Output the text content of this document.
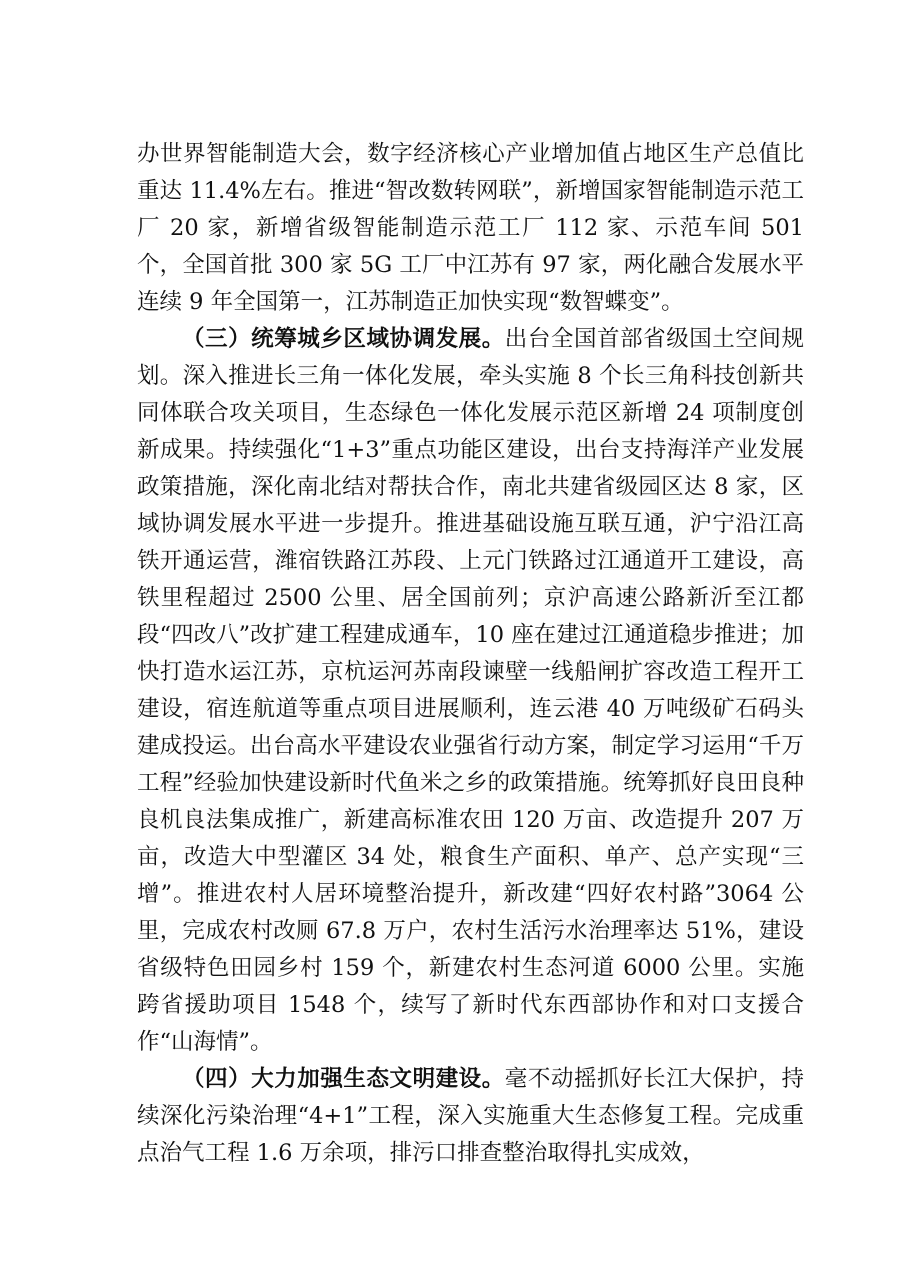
办世界智能制造大会，数字经济核心产业增加值占地区生产总值比重达 11.4%左右。推进“智改数转网联”，新增国家智能制造示范工厂 20 家，新增省级智能制造示范工厂 112 家、示范车间 501 个，全国首批 300 家 5G 工厂中江苏有 97 家，两化融合发展水平连续 9 年全国第一，江苏制造正加快实现“数智蝶变”。

（三）统筹城乡区域协调发展。出台全国首部省级国土空间规划。深入推进长三角一体化发展，牵头实施 8 个长三角科技创新共同体联合攻关项目，生态绿色一体化发展示范区新增 24 项制度创新成果。持续强化“1+3”重点功能区建设，出台支持海洋产业发展政策措施，深化南北结对帮扶合作，南北共建省级园区达 8 家，区域协调发展水平进一步提升。推进基础设施互联互通，沪宁沿江高铁开通运营，潍宿铁路江苏段、上元门铁路过江通道开工建设，高铁里程超过 2500 公里、居全国前列；京沪高速公路新沂至江都段“四改八”改扩建工程建成通车，10 座在建过江通道稳步推进；加快打造水运江苏，京杭运河苏南段谏壁一线船闸扩容改造工程开工建设，宿连航道等重点项目进展顺利，连云港 40 万吨级矿石码头建成投运。出台高水平建设农业强省行动方案，制定学习运用“千万工程”经验加快建设新时代鱼米之乡的政策措施。统筹抓好良田良种良机良法集成推广，新建高标准农田 120 万亩、改造提升 207 万亩，改造大中型灌区 34 处，粮食生产面积、单产、总产实现“三增”。推进农村人居环境整治提升，新改建“四好农村路”3064 公里，完成农村改厕 67.8 万户，农村生活污水治理率达 51%，建设省级特色田园乡村 159 个，新建农村生态河道 6000 公里。实施跨省援助项目 1548 个，续写了新时代东西部协作和对口支援合作“山海情”。

（四）大力加强生态文明建设。毫不动摇抓好长江大保护，持续深化污染治理“4+1”工程，深入实施重大生态修复工程。完成重点治气工程 1.6 万余项，排污口排查整治取得扎实成效，
